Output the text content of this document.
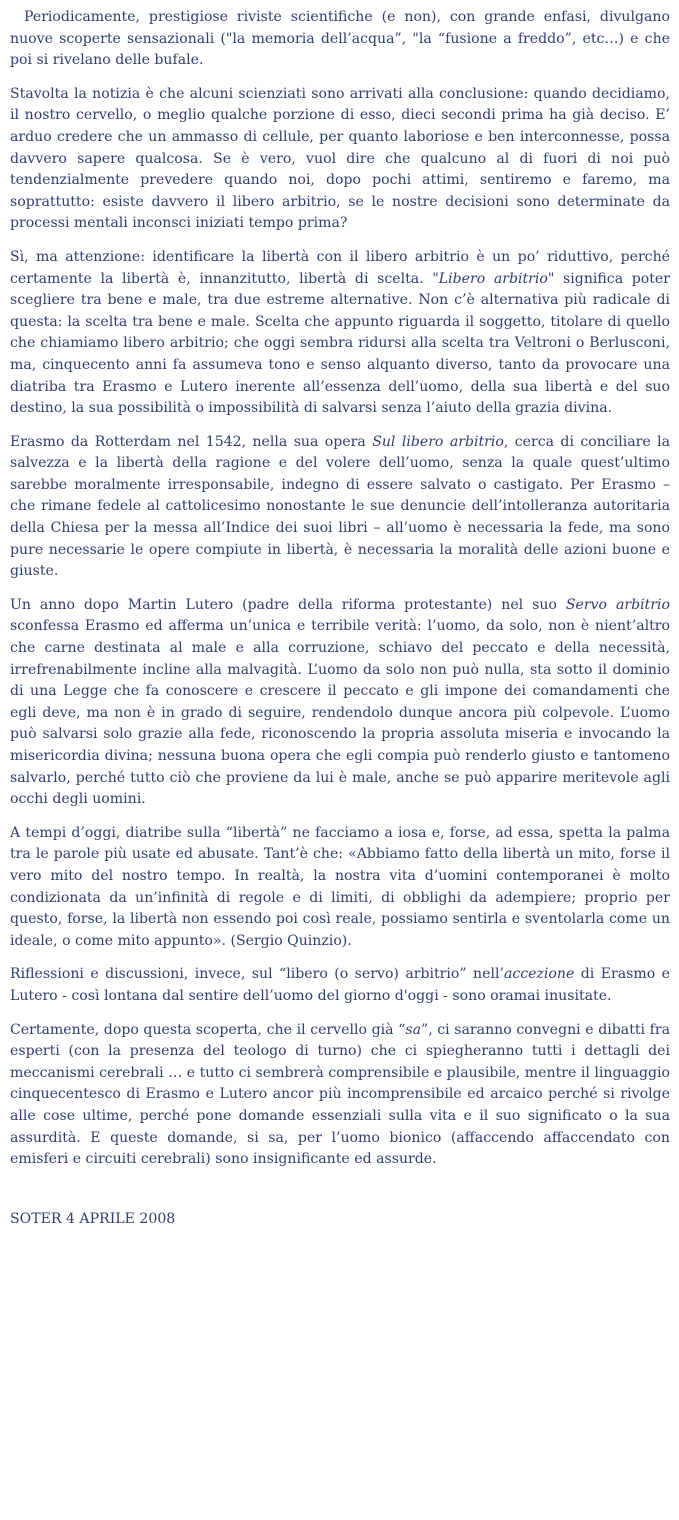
Periodicamente, prestigiose riviste scientifiche (e non), con grande enfasi, divulgano nuove scoperte sensazionali ("la memoria dell’acqua”, "la “fusione a freddo”, etc…) e che poi si rivelano delle bufale.

Stavolta la notizia è che alcuni scienziati sono arrivati alla conclusione: quando decidiamo, il nostro cervello, o meglio qualche porzione di esso, dieci secondi prima ha già deciso. E’ arduo credere che un ammasso di cellule, per quanto laboriose e ben interconnesse, possa davvero sapere qualcosa. Se è vero, vuol dire che qualcuno al di fuori di noi può tendenzialmente prevedere quando noi, dopo pochi attimi, sentiremo e faremo, ma soprattutto: esiste davvero il libero arbitrio, se le nostre decisioni sono determinate da processi mentali inconsci iniziati tempo prima?

Sì, ma attenzione: identificare la libertà con il libero arbitrio è un po’ riduttivo, perché certamente la libertà è, innanzitutto, libertà di scelta. "Libero arbitrio" significa poter scegliere tra bene e male, tra due estreme alternative. Non c’è alternativa più radicale di questa: la scelta tra bene e male. Scelta che appunto riguarda il soggetto, titolare di quello che chiamiamo libero arbitrio; che oggi sembra ridursi alla scelta tra Veltroni o Berlusconi, ma, cinquecento anni fa assumeva tono e senso alquanto diverso, tanto da provocare una diatriba tra Erasmo e Lutero inerente all’essenza dell’uomo, della sua libertà e del suo destino, la sua possibilità o impossibilità di salvarsi senza l’aiuto della grazia divina.

Erasmo da Rotterdam nel 1542, nella sua opera Sul libero arbitrio, cerca di conciliare la salvezza e la libertà della ragione e del volere dell’uomo, senza la quale quest’ultimo sarebbe moralmente irresponsabile, indegno di essere salvato o castigato. Per Erasmo – che rimane fedele al cattolicesimo nonostante le sue denuncie dell’intolleranza autoritaria della Chiesa per la messa all’Indice dei suoi libri – all’uomo è necessaria la fede, ma sono pure necessarie le opere compiute in libertà, è necessaria la moralità delle azioni buone e giuste.

Un anno dopo Martin Lutero (padre della riforma protestante) nel suo Servo arbitrio sconfessa Erasmo ed afferma un’unica e terribile verità: l’uomo, da solo, non è nient’altro che carne destinata al male e alla corruzione, schiavo del peccato e della necessità, irrefrenabilmente incline alla malvagità. L’uomo da solo non può nulla, sta sotto il dominio di una Legge che fa conoscere e crescere il peccato e gli impone dei comandamenti che egli deve, ma non è in grado di seguire, rendendolo dunque ancora più colpevole. L’uomo può salvarsi solo grazie alla fede, riconoscendo la propria assoluta miseria e invocando la misericordia divina; nessuna buona opera che egli compia può renderlo giusto e tantomeno salvarlo, perché tutto ciò che proviene da lui è male, anche se può apparire meritevole agli occhi degli uomini.

A tempi d’oggi, diatribe sulla “libertà” ne facciamo a iosa e, forse, ad essa, spetta la palma tra le parole più usate ed abusate. Tant’è che: «Abbiamo fatto della libertà un mito, forse il vero mito del nostro tempo. In realtà, la nostra vita d’uomini contemporanei è molto condizionata da un’infinità di regole e di limiti, di obblighi da adempiere; proprio per questo, forse, la libertà non essendo poi così reale, possiamo sentirla e sventolarla come un ideale, o come mito appunto». (Sergio Quinzio).

Riflessioni e discussioni, invece, sul “libero (o servo) arbitrio” nell’accezione di Erasmo e Lutero - così lontana dal sentire dell’uomo del giorno d'oggi - sono oramai inusitate.

Certamente, dopo questa scoperta, che il cervello già “sa”, ci saranno convegni e dibatti fra esperti (con la presenza del teologo di turno) che ci spiegheranno tutti i dettagli dei meccanismi cerebrali … e tutto ci sembrerà comprensibile e plausibile, mentre il linguaggio cinquecentesco di Erasmo e Lutero ancor più incomprensibile ed arcaico perché si rivolge alle cose ultime, perché pone domande essenziali sulla vita e il suo significato o la sua assurdità. E queste domande, si sa, per l’uomo bionico (affaccendo affaccendato con emisferi e circuiti cerebrali) sono insignificante ed assurde.

SOTER 4 APRILE 2008
